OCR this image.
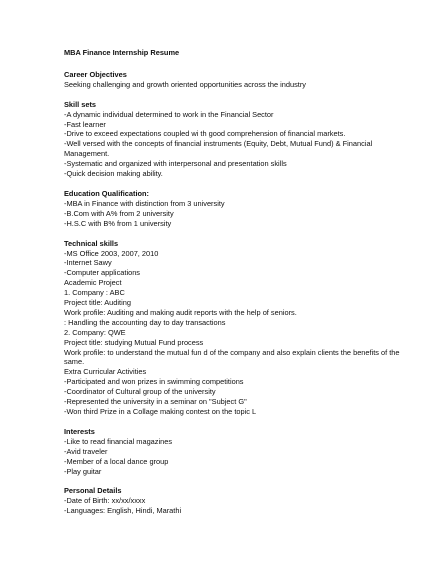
MBA Finance Internship Resume
Career Objectives
Seeking challenging and growth oriented opportunities across the industry
Skill sets
-A dynamic individual determined to work in the Financial Sector
-Fast learner
-Drive to exceed expectations coupled wi th good comprehension of financial markets.
-Well versed with the concepts of financial instruments (Equity, Debt, Mutual Fund) & Financial Management.
-Systematic and organized with interpersonal and presentation skills
-Quick decision making ability.
Education Qualification:
-MBA in Finance with distinction from 3 university
-B.Com with A% from 2 university
-H.S.C with B% from 1 university
Technical skills
-MS Office 2003, 2007, 2010
-Internet Sawy
-Computer applications
Academic Project
1. Company : ABC
Project title: Auditing
Work profile: Auditing and making audit reports with the help of seniors.
: Handling the accounting day to day transactions
2. Company: QWE
Project title: studying Mutual Fund process
Work profile: to understand the mutual fun d of the company and also explain clients the benefits of the same.
Extra Curricular Activities
-Participated and won prizes in swimming competitions
-Coordinator of Cultural group of the university
-Represented the university in a seminar on "Subject G"
-Won third Prize in a Collage making contest on the topic L
Interests
-Like to read financial magazines
-Avid traveler
-Member of a local dance group
-Play guitar
Personal Details
-Date of Birth: xx/xx/xxxx
-Languages: English, Hindi, Marathi
